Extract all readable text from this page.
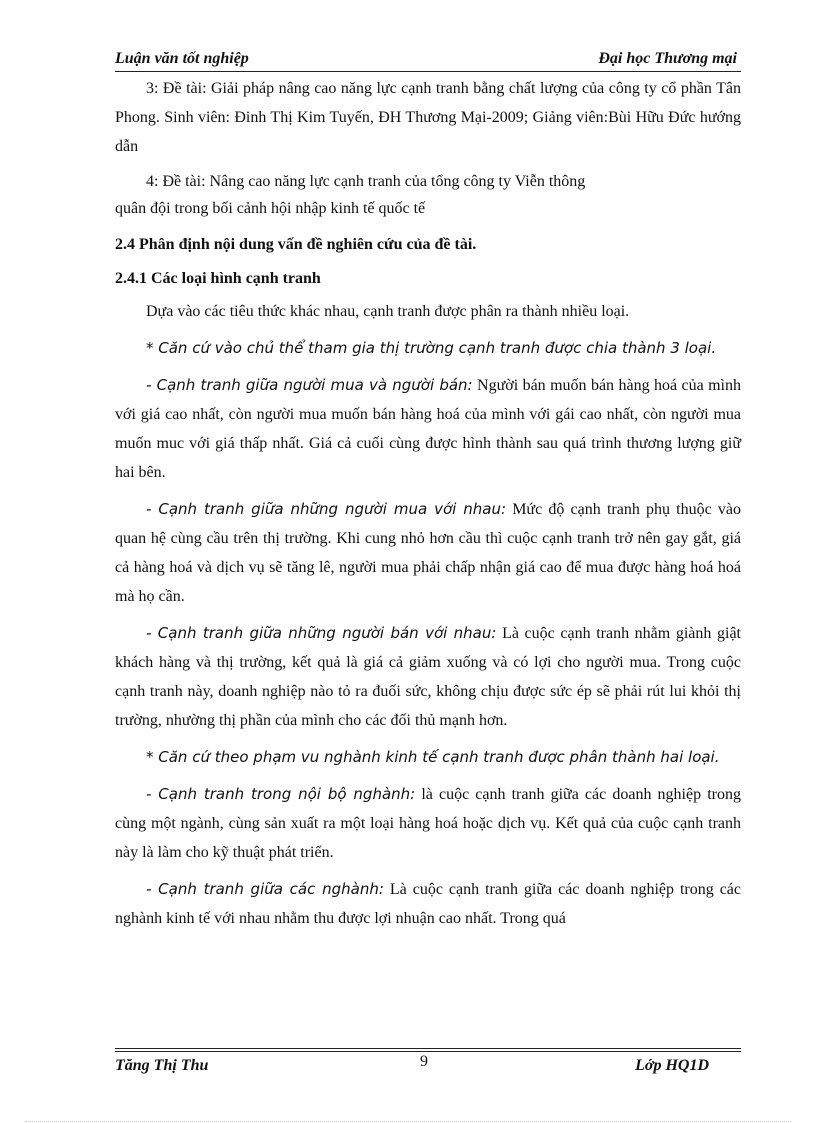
Luận văn tốt nghiệp	Đại học Thương mại

3: Đề tài: Giải pháp nâng cao năng lực cạnh tranh bằng chất lượng của công ty cổ phần Tân Phong. Sinh viên: Đinh Thị Kim Tuyến, ĐH Thương Mại-2009; Giảng viên:Bùi Hữu Đức hướng dẫn

4: Đề tài: Nâng cao năng lực cạnh tranh của tổng công ty Viễn thông

quân đội trong bối cảnh hội nhập kinh tế quốc tế

2.4 Phân định nội dung vấn đề nghiên cứu của đề tài.

2.4.1 Các loại hình cạnh tranh

Dựa vào các tiêu thức khác nhau, cạnh tranh được phân ra thành nhiều loại.

* Căn cứ vào chủ thể tham gia thị trường cạnh tranh được chia thành 3 loại.

- Cạnh tranh giữa người mua và người bán: Người bán muốn bán hàng hoá của mình với giá cao nhất, còn người mua muốn bán hàng hoá của mình với gái cao nhất, còn người mua muốn muc với giá thấp nhất. Giá cả cuối cùng được hình thành sau quá trình thương lượng giữ hai bên.

- Cạnh tranh giữa những người mua với nhau: Mức độ cạnh tranh phụ thuộc vào quan hệ cùng cầu trên thị trường. Khi cung nhỏ hơn cầu thì cuộc cạnh tranh trở nên gay gắt, giá cả hàng hoá và dịch vụ sẽ tăng lê, người mua phải chấp nhận giá cao để mua được hàng hoá hoá mà họ cần.

- Cạnh tranh giữa những người bán với nhau: Là cuộc cạnh tranh nhằm giành giật khách hàng và thị trường, kết quả là giá cả giảm xuống và có lợi cho người mua. Trong cuộc cạnh tranh này, doanh nghiệp nào tỏ ra đuối sức, không chịu được sức ép sẽ phải rút lui khỏi thị trường, nhường thị phần của mình cho các đối thủ mạnh hơn.

* Căn cứ theo phạm vu nghành kinh tế cạnh tranh được phân thành hai loại.

- Cạnh tranh trong nội bộ nghành: là cuộc cạnh tranh giữa các doanh nghiệp trong cùng một ngành, cùng sản xuất ra một loại hàng hoá hoặc dịch vụ. Kết quả của cuộc cạnh tranh này là làm cho kỹ thuật phát triển.

- Cạnh tranh giữa các nghành: Là cuộc cạnh tranh giữa các doanh nghiệp trong các nghành kinh tế với nhau nhằm thu được lợi nhuận cao nhất. Trong quá

Tăng Thị Thu	9	Lớp HQ1D
